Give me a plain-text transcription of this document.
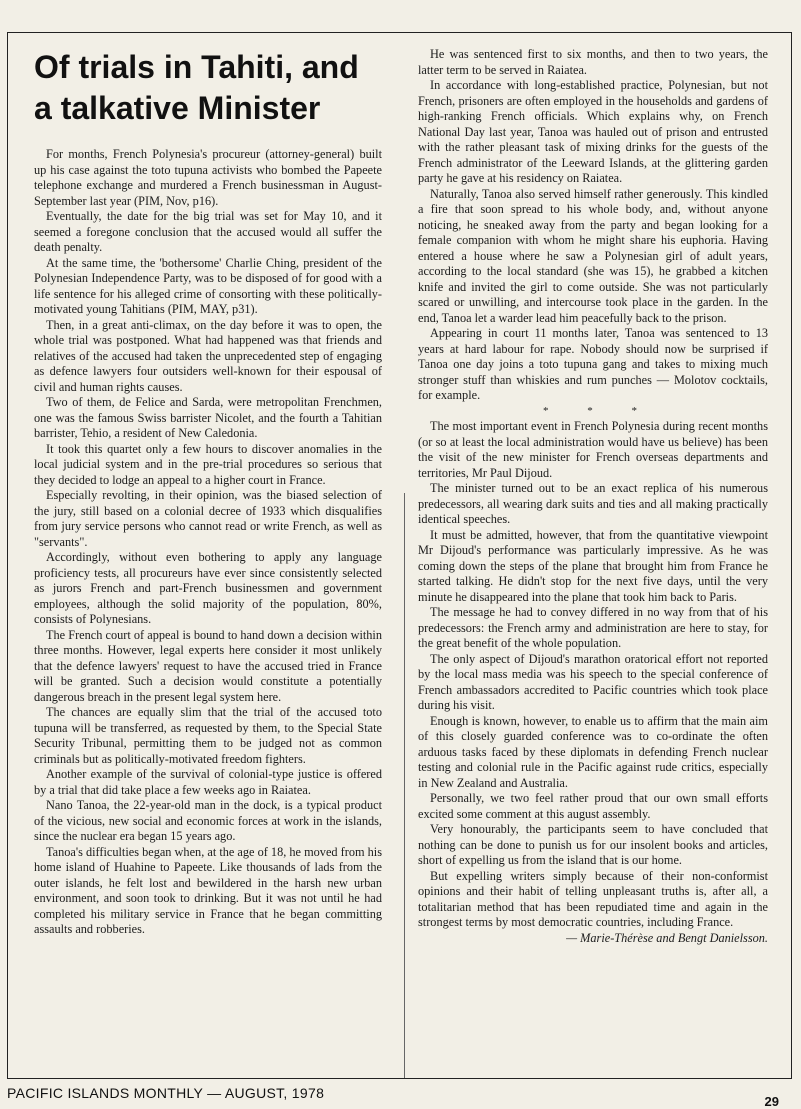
Of trials in Tahiti, and a talkative Minister

For months, French Polynesia's procureur (attorney-general) built up his case against the toto tupuna activists who bombed the Papeete telephone exchange and murdered a French businessman in August-September last year (PIM, Nov, p16).

Eventually, the date for the big trial was set for May 10, and it seemed a foregone conclusion that the accused would all suffer the death penalty.

At the same time, the 'bothersome' Charlie Ching, president of the Polynesian Independence Party, was to be disposed of for good with a life sentence for his alleged crime of consorting with these politically-motivated young Tahitians (PIM, MAY, p31).

Then, in a great anti-climax, on the day before it was to open, the whole trial was postponed. What had happened was that friends and relatives of the accused had taken the unprecedented step of engaging as defence lawyers four outsiders well-known for their espousal of civil and human rights causes.

Two of them, de Felice and Sarda, were metropolitan Frenchmen, one was the famous Swiss barrister Nicolet, and the fourth a Tahitian barrister, Tehio, a resident of New Caledonia.

It took this quartet only a few hours to discover anomalies in the local judicial system and in the pre-trial procedures so serious that they decided to lodge an appeal to a higher court in France.

Especially revolting, in their opinion, was the biased selection of the jury, still based on a colonial decree of 1933 which disqualifies from jury service persons who cannot read or write French, as well as "servants".

Accordingly, without even bothering to apply any language proficiency tests, all procureurs have ever since consistently selected as jurors French and part-French businessmen and government employees, although the solid majority of the population, 80%, consists of Polynesians.

The French court of appeal is bound to hand down a decision within three months. However, legal experts here consider it most unlikely that the defence lawyers' request to have the accused tried in France will be granted. Such a decision would constitute a potentially dangerous breach in the present legal system here.

The chances are equally slim that the trial of the accused toto tupuna will be transferred, as requested by them, to the Special State Security Tribunal, permitting them to be judged not as common criminals but as politically-motivated freedom fighters.

Another example of the survival of colonial-type justice is offered by a trial that did take place a few weeks ago in Raiatea.

Nano Tanoa, the 22-year-old man in the dock, is a typical product of the vicious, new social and economic forces at work in the islands, since the nuclear era began 15 years ago.

Tanoa's difficulties began when, at the age of 18, he moved from his home island of Huahine to Papeete. Like thousands of lads from the outer islands, he felt lost and bewildered in the harsh new urban environment, and soon took to drinking. But it was not until he had completed his military service in France that he began committing assaults and robberies.

He was sentenced first to six months, and then to two years, the latter term to be served in Raiatea.

In accordance with long-established practice, Polynesian, but not French, prisoners are often employed in the households and gardens of high-ranking French officials. Which explains why, on French National Day last year, Tanoa was hauled out of prison and entrusted with the rather pleasant task of mixing drinks for the guests of the French administrator of the Leeward Islands, at the glittering garden party he gave at his residency on Raiatea.

Naturally, Tanoa also served himself rather generously. This kindled a fire that soon spread to his whole body, and, without anyone noticing, he sneaked away from the party and began looking for a female companion with whom he might share his euphoria. Having entered a house where he saw a Polynesian girl of adult years, according to the local standard (she was 15), he grabbed a kitchen knife and invited the girl to come outside. She was not particularly scared or unwilling, and intercourse took place in the garden. In the end, Tanoa let a warder lead him peacefully back to the prison.

Appearing in court 11 months later, Tanoa was sentenced to 13 years at hard labour for rape. Nobody should now be surprised if Tanoa one day joins a toto tupuna gang and takes to mixing much stronger stuff than whiskies and rum punches — Molotov cocktails, for example.

* * *

The most important event in French Polynesia during recent months (or so at least the local administration would have us believe) has been the visit of the new minister for French overseas departments and territories, Mr Paul Dijoud.

The minister turned out to be an exact replica of his numerous predecessors, all wearing dark suits and ties and all making practically identical speeches.

It must be admitted, however, that from the quantitative viewpoint Mr Dijoud's performance was particularly impressive. As he was coming down the steps of the plane that brought him from France he started talking. He didn't stop for the next five days, until the very minute he disappeared into the plane that took him back to Paris.

The message he had to convey differed in no way from that of his predecessors: the French army and administration are here to stay, for the great benefit of the whole population.

The only aspect of Dijoud's marathon oratorical effort not reported by the local mass media was his speech to the special conference of French ambassadors accredited to Pacific countries which took place during his visit.

Enough is known, however, to enable us to affirm that the main aim of this closely guarded conference was to co-ordinate the often arduous tasks faced by these diplomats in defending French nuclear testing and colonial rule in the Pacific against rude critics, especially in New Zealand and Australia.

Personally, we two feel rather proud that our own small efforts excited some comment at this august assembly.

Very honourably, the participants seem to have concluded that nothing can be done to punish us for our insolent books and articles, short of expelling us from the island that is our home.

But expelling writers simply because of their non-conformist opinions and their habit of telling unpleasant truths is, after all, a totalitarian method that has been repudiated time and again in the strongest terms by most democratic countries, including France.

— Marie-Thérèse and Bengt Danielsson.

PACIFIC ISLANDS MONTHLY — AUGUST, 1978
29
